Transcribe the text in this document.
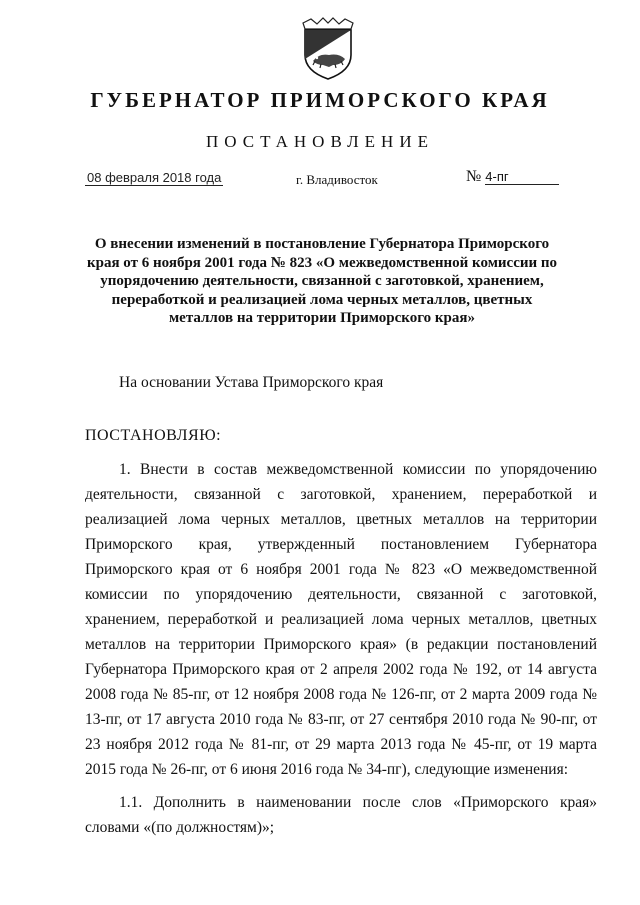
ГУБЕРНАТОР ПРИМОРСКОГО КРАЯ
ПОСТАНОВЛЕНИЕ
08 февраля 2018 года	г. Владивосток	№ 4-пг
О внесении изменений в постановление Губернатора Приморского края от 6 ноября 2001 года № 823 «О межведомственной комиссии по упорядочению деятельности, связанной с заготовкой, хранением, переработкой и реализацией лома черных металлов, цветных металлов на территории Приморского края»
На основании Устава Приморского края
ПОСТАНОВЛЯЮ:

1. Внести в состав межведомственной комиссии по упорядочению деятельности, связанной с заготовкой, хранением, переработкой и реализацией лома черных металлов, цветных металлов на территории Приморского края, утвержденный постановлением Губернатора Приморского края от 6 ноября 2001 года № 823 «О межведомственной комиссии по упорядочению деятельности, связанной с заготовкой, хранением, переработкой и реализацией лома черных металлов, цветных металлов на территории Приморского края» (в редакции постановлений Губернатора Приморского края от 2 апреля 2002 года № 192, от 14 августа 2008 года № 85-пг, от 12 ноября 2008 года № 126-пг, от 2 марта 2009 года № 13-пг, от 17 августа 2010 года № 83-пг, от 27 сентября 2010 года № 90-пг, от 23 ноября 2012 года № 81-пг, от 29 марта 2013 года № 45-пг, от 19 марта 2015 года № 26-пг, от 6 июня 2016 года № 34-пг), следующие изменения:

1.1. Дополнить в наименовании после слов «Приморского края» словами «(по должностям)»;
